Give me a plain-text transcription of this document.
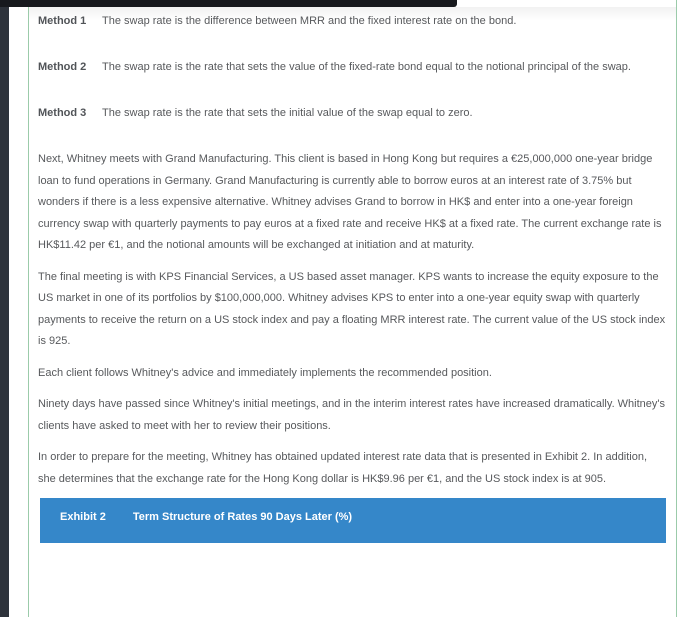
Method 1	The swap rate is the difference between MRR and the fixed interest rate on the bond.
Method 2	The swap rate is the rate that sets the value of the fixed-rate bond equal to the notional principal of the swap.
Method 3	The swap rate is the rate that sets the initial value of the swap equal to zero.

Next, Whitney meets with Grand Manufacturing. This client is based in Hong Kong but requires a €25,000,000 one-year bridge loan to fund operations in Germany. Grand Manufacturing is currently able to borrow euros at an interest rate of 3.75% but wonders if there is a less expensive alternative. Whitney advises Grand to borrow in HK$ and enter into a one-year foreign currency swap with quarterly payments to pay euros at a fixed rate and receive HK$ at a fixed rate. The current exchange rate is HK$11.42 per €1, and the notional amounts will be exchanged at initiation and at maturity.

The final meeting is with KPS Financial Services, a US based asset manager. KPS wants to increase the equity exposure to the US market in one of its portfolios by $100,000,000. Whitney advises KPS to enter into a one-year equity swap with quarterly payments to receive the return on a US stock index and pay a floating MRR interest rate. The current value of the US stock index is 925.

Each client follows Whitney's advice and immediately implements the recommended position.

Ninety days have passed since Whitney's initial meetings, and in the interim interest rates have increased dramatically. Whitney's clients have asked to meet with her to review their positions.

In order to prepare for the meeting, Whitney has obtained updated interest rate data that is presented in Exhibit 2. In addition, she determines that the exchange rate for the Hong Kong dollar is HK$9.96 per €1, and the US stock index is at 905.

Exhibit 2 Term Structure of Rates 90 Days Later (%)
